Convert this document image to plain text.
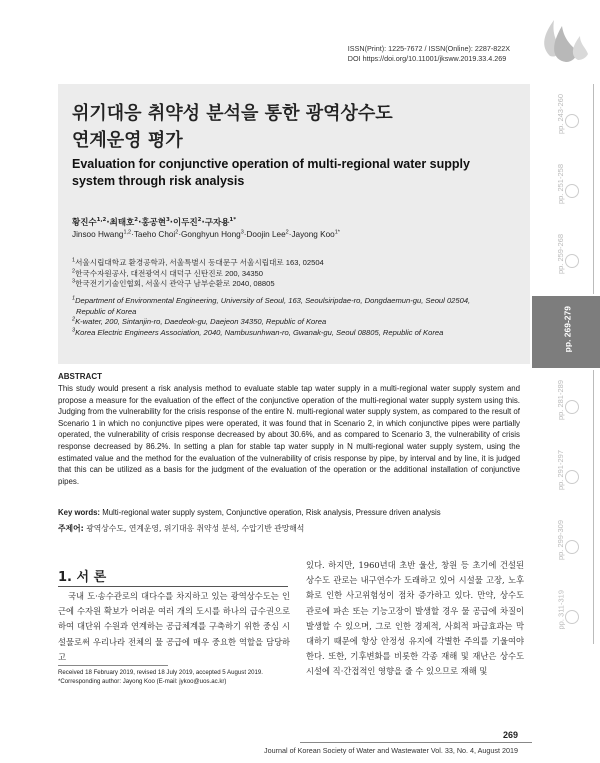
ISSN(Print): 1225-7672 / ISSN(Online): 2287-822X
DOI https://doi.org/10.11001/jksww.2019.33.4.269
위기대응 취약성 분석을 통한 광역상수도
연계운영 평가
Evaluation for conjunctive operation of multi-regional water supply
system through risk analysis
황진수$^{1,2}$·최태호$^2$·홍공현$^3$·이두진$^2$·구자용$^{1*}$
Jinsoo Hwang$^{1,2}$·Taeho Choi$^2$·Gonghyun Hong$^3$·Doojin Lee$^2$·Jayong Koo$^{1*}$
$^1$서울시립대학교 환경공학과, 서울특별시 동대문구 서울시립대로 163, 02504
$^2$한국수자원공사, 대전광역시 대덕구 신탄진로 200, 34350
$^3$한국전기기술인협회, 서울시 관악구 남부순환로 2040, 08805
$^1$Department of Environmental Engineering, University of Seoul, 163, Seoulsiripdae-ro, Dongdaemun-gu, Seoul 02504,
Republic of Korea
$^2$K-water, 200, Sintanjin-ro, Daedeok-gu, Daejeon 34350, Republic of Korea
$^3$Korea Electric Engineers Association, 2040, Nambusunhwan-ro, Gwanak-gu, Seoul 08805, Republic of Korea
pp. 243-260
pp. 251-258
pp. 259-268
pp. 269-279
pp. 281-289
pp. 291-297
pp. 299-309
pp. 311-319
ABSTRACT
This study would present a risk analysis method to evaluate stable tap water supply in a multi-regional water supply system and propose a measure for the evaluation of the effect of the conjunctive operation of the multi-regional water supply system using this. Judging from the vulnerability for the crisis response of the entire N. multi-regional water supply system, as compared to the result of Scenario 1 in which no conjunctive pipes were operated, it was found that in Scenario 2, in which conjunctive pipes were partially operated, the vulnerability of crisis response decreased by about 30.6%, and as compared to Scenario 3, the vulnerability of crisis response decreased by 86.2%. In setting a plan for stable tap water supply in N multi-regional water supply system, using the estimated value and the method for the evaluation of the vulnerability of crisis response by pipe, by interval and by line, it is judged that this can be utilized as a basis for the judgment of the evaluation of the operation or the additional installation of conjunctive pipes.
Key words: Multi-regional water supply system, Conjunctive operation, Risk analysis, Pressure driven analysis
주제어: 광역상수도, 연계운영, 위기대응 취약성 분석, 수압기반 관망해석
1. 서 론
국내 도·송수관로의 대다수를 차지하고 있는 광역상수도는 인근에 수자원 확보가 어려운 여러 개의 도시를 하나의 급수권으로 하여 대단위 수원과 연계하는 공급체계를 구축하기 위한 중심 시설물로써 우리나라 전체의 물 공급에 매우 중요한 역할을 담당하고
있다. 하지만, 1960년대 초반 울산, 창원 등 초기에 건설된 상수도 관로는 내구연수가 도래하고 있어 시설물 고장, 노후화로 인한 사고위험성이 점차 증가하고 있다. 만약, 상수도 관로에 파손 또는 기능고장이 발생할 경우 물 공급에 차질이 발생할 수 있으며, 그로 인한 경제적, 사회적 파급효과는 막대하기 때문에 항상 안정성 유지에 각별한 주의를 기울여야 한다. 또한, 기후변화를 비롯한 각종 재해 및 재난은 상수도 시설에 직·간접적인 영향을 줄 수 있으므로 재해 및
Received 18 February 2019, revised 18 July 2019, accepted 5 August 2019.
*Corresponding author: Jayong Koo (E-mail: jykoo@uos.ac.kr)
269
Journal of Korean Society of Water and Wastewater Vol. 33, No. 4, August 2019
